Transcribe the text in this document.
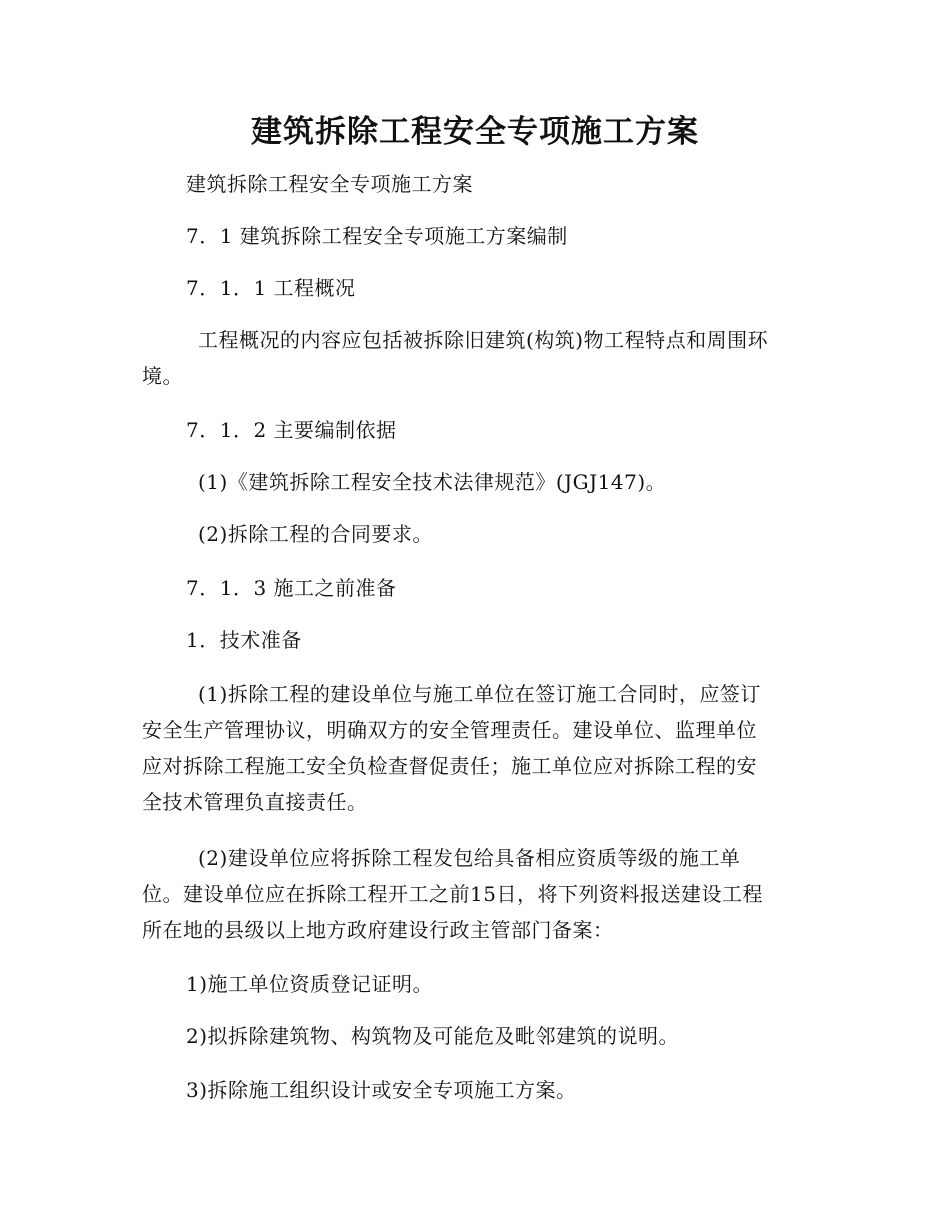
建筑拆除工程安全专项施工方案

建筑拆除工程安全专项施工方案

7．1 建筑拆除工程安全专项施工方案编制

7．1．1 工程概况

工程概况的内容应包括被拆除旧建筑(构筑)物工程特点和周围环
境。

7．1．2 主要编制依据

(1)《建筑拆除工程安全技术法律规范》(JGJ147)。

(2)拆除工程的合同要求。

7．1．3 施工之前准备

1．技术准备

(1)拆除工程的建设单位与施工单位在签订施工合同时，应签订
安全生产管理协议，明确双方的安全管理责任。建设单位、监理单位
应对拆除工程施工安全负检查督促责任；施工单位应对拆除工程的安
全技术管理负直接责任。
(2)建设单位应将拆除工程发包给具备相应资质等级的施工单
位。建设单位应在拆除工程开工之前15日，将下列资料报送建设工程
所在地的县级以上地方政府建设行政主管部门备案：

1)施工单位资质登记证明。

2)拟拆除建筑物、构筑物及可能危及毗邻建筑的说明。

3)拆除施工组织设计或安全专项施工方案。
